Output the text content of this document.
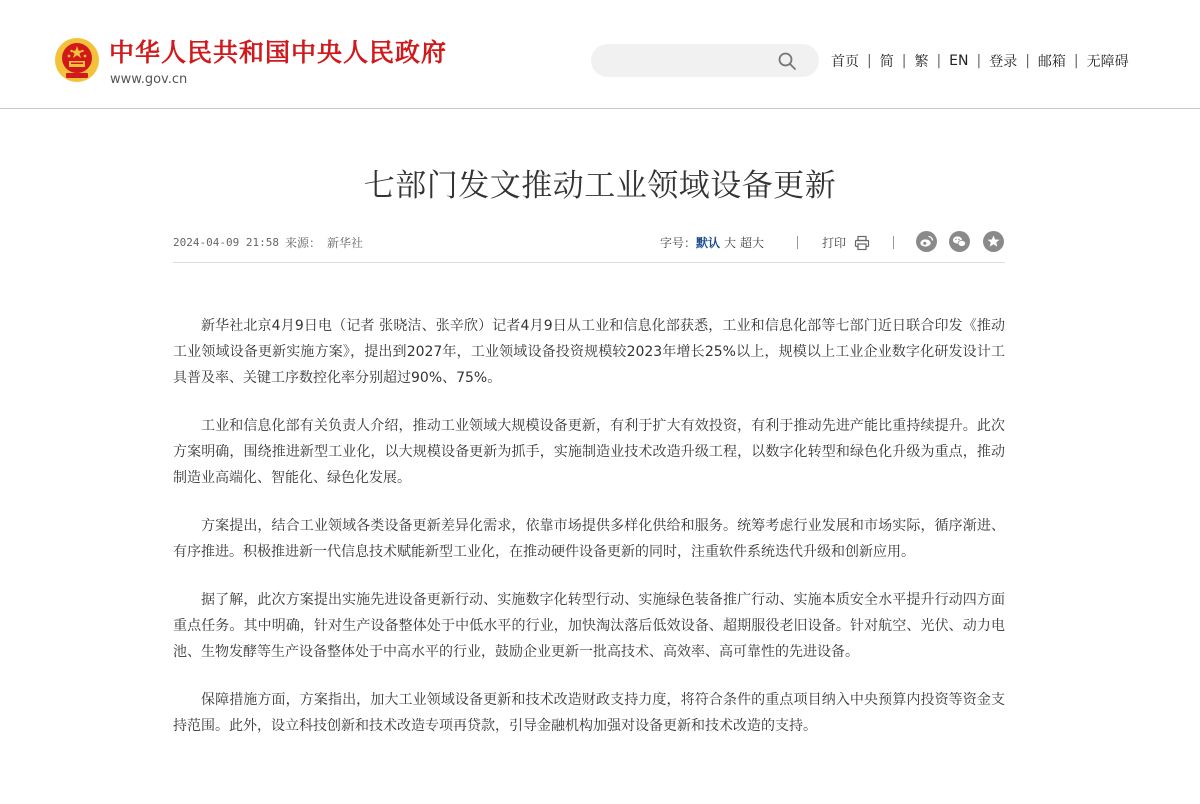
中华人民共和国中央人民政府
www.gov.cn
首页 | 简 | 繁 | EN | 登录 | 邮箱 | 无障碍
七部门发文推动工业领域设备更新
2024-04-09 21:58 来源： 新华社	字号：默认 大 超大	打印

新华社北京4月9日电（记者 张晓洁、张辛欣）记者4月9日从工业和信息化部获悉，工业和信息化部等七部门近日联合印发《推动工业领域设备更新实施方案》，提出到2027年，工业领域设备投资规模较2023年增长25%以上，规模以上工业企业数字化研发设计工具普及率、关键工序数控化率分别超过90%、75%。

工业和信息化部有关负责人介绍，推动工业领域大规模设备更新，有利于扩大有效投资，有利于推动先进产能比重持续提升。此次方案明确，围绕推进新型工业化，以大规模设备更新为抓手，实施制造业技术改造升级工程，以数字化转型和绿色化升级为重点，推动制造业高端化、智能化、绿色化发展。

方案提出，结合工业领域各类设备更新差异化需求，依靠市场提供多样化供给和服务。统筹考虑行业发展和市场实际，循序渐进、有序推进。积极推进新一代信息技术赋能新型工业化，在推动硬件设备更新的同时，注重软件系统迭代升级和创新应用。

据了解，此次方案提出实施先进设备更新行动、实施数字化转型行动、实施绿色装备推广行动、实施本质安全水平提升行动四方面重点任务。其中明确，针对生产设备整体处于中低水平的行业，加快淘汰落后低效设备、超期服役老旧设备。针对航空、光伏、动力电池、生物发酵等生产设备整体处于中高水平的行业，鼓励企业更新一批高技术、高效率、高可靠性的先进设备。

保障措施方面，方案指出，加大工业领域设备更新和技术改造财政支持力度，将符合条件的重点项目纳入中央预算内投资等资金支持范围。此外，设立科技创新和技术改造专项再贷款，引导金融机构加强对设备更新和技术改造的支持。
